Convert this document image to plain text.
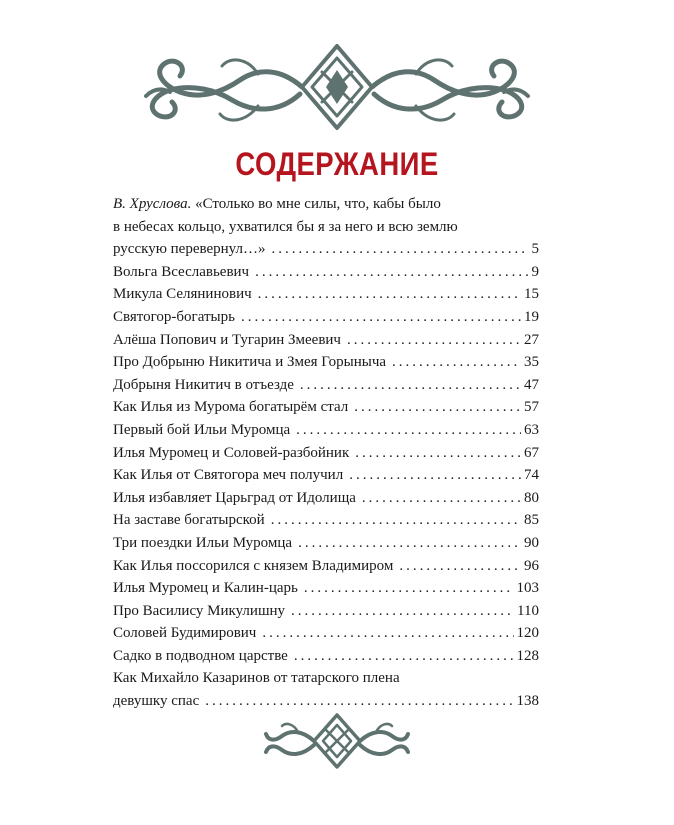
СОДЕРЖАНИЕ
В. Хруслова. «Столько во мне силы, что, кабы было
в небесах кольцо, ухватился бы я за него и всю землю
русскую перевернул…» .....	5
Вольга Всеславьевич .....	9
Микула Селянинович .....	15
Святогор-богатырь .....	19
Алёша Попович и Тугарин Змеевич .....	27
Про Добрыню Никитича и Змея Горыныча .....	35
Добрыня Никитич в отъезде .....	47
Как Илья из Мурома богатырём стал .....	57
Первый бой Ильи Муромца .....	63
Илья Муромец и Соловей-разбойник .....	67
Как Илья от Святогора меч получил .....	74
Илья избавляет Царьград от Идолища .....	80
На заставе богатырской .....	85
Три поездки Ильи Муромца .....	90
Как Илья поссорился с князем Владимиром .....	96
Илья Муромец и Калин-царь .....	103
Про Василису Микулишну .....	110
Соловей Будимирович .....	120
Садко в подводном царстве .....	128
Как Михайло Казаринов от татарского плена
девушку спас .....	138
